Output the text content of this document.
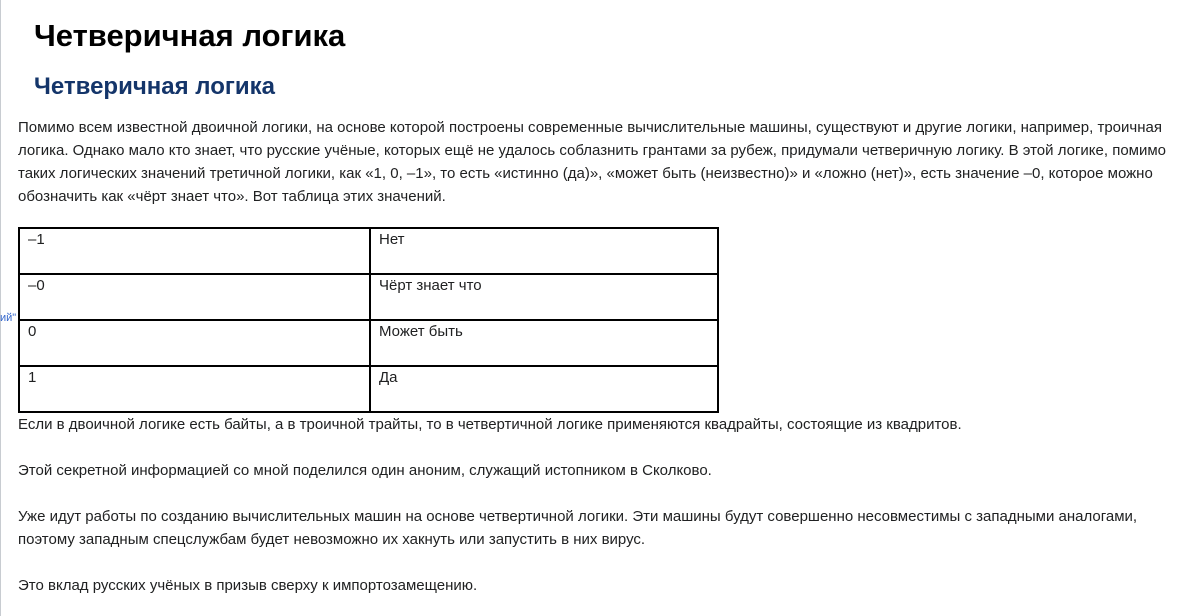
ий"
Четверичная логика
Четверичная логика

Помимо всем известной двоичной логики, на основе которой построены современные вычислительные машины, существуют и другие логики, например, троичная логика. Однако мало кто знает, что русские учёные, которых ещё не удалось соблазнить грантами за рубеж, придумали четверичную логику. В этой логике, помимо таких логических значений третичной логики, как «1, 0, –1», то есть «истинно (да)», «может быть (неизвестно)» и «ложно (нет)», есть значение –0, которое можно обозначить как «чёрт знает что». Вот таблица этих значений.

–1	Нет
–0	Чёрт знает что
0	Может быть
1	Да

Если в двоичной логике есть байты, а в троичной трайты, то в четвертичной логике применяются квадрайты, состоящие из квадритов.

Этой секретной информацией со мной поделился один аноним, служащий истопником в Сколково.

Уже идут работы по созданию вычислительных машин на основе четвертичной логики. Эти машины будут совершенно несовместимы с западными аналогами, поэтому западным спецслужбам будет невозможно их хакнуть или запустить в них вирус.

Это вклад русских учёных в призыв сверху к импортозамещению.
